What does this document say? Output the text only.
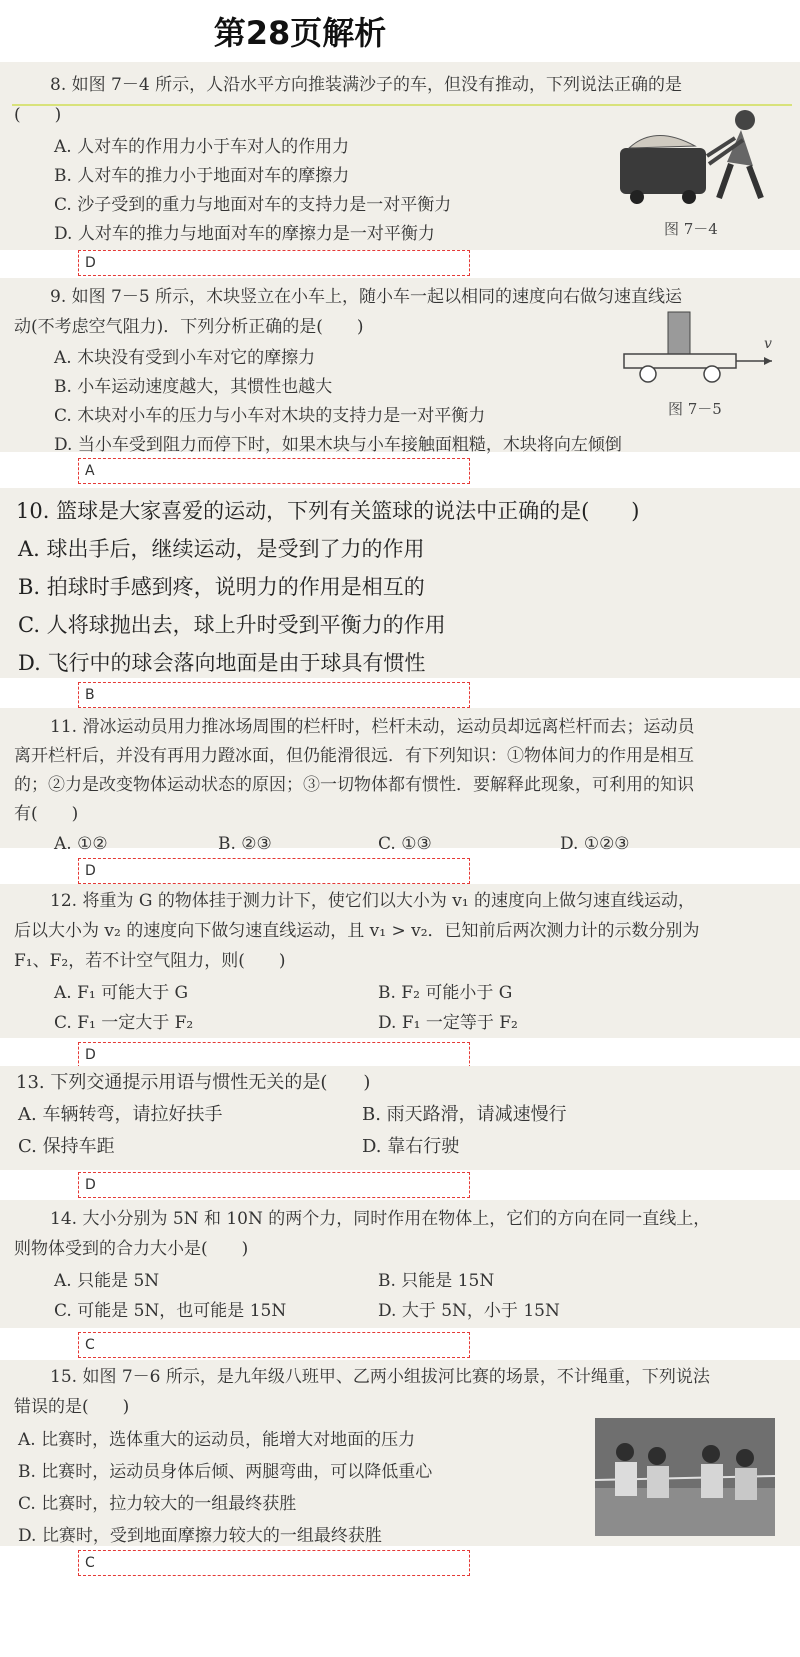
第28页解析
8. 如图 7－4 所示，人沿水平方向推装满沙子的车，但没有推动，下列说法正确的是
(　　)
A. 人对车的作用力小于车对人的作用力
B. 人对车的推力小于地面对车的摩擦力
C. 沙子受到的重力与地面对车的支持力是一对平衡力
D. 人对车的推力与地面对车的摩擦力是一对平衡力	图 7－4
D
9. 如图 7－5 所示，木块竖立在小车上，随小车一起以相同的速度向右做匀速直线运
动(不考虑空气阻力)．下列分析正确的是(　　)
A. 木块没有受到小车对它的摩擦力
B. 小车运动速度越大，其惯性也越大
C. 木块对小车的压力与小车对木块的支持力是一对平衡力
D. 当小车受到阻力而停下时，如果木块与小车接触面粗糙，木块将向左倾倒
v
图 7－5
A
10. 篮球是大家喜爱的运动，下列有关篮球的说法中正确的是(　　)
A. 球出手后，继续运动，是受到了力的作用
B. 拍球时手感到疼，说明力的作用是相互的
C. 人将球抛出去，球上升时受到平衡力的作用
D. 飞行中的球会落向地面是由于球具有惯性
B
11. 滑冰运动员用力推冰场周围的栏杆时，栏杆未动，运动员却远离栏杆而去；运动员
离开栏杆后，并没有再用力蹬冰面，但仍能滑很远．有下列知识：①物体间力的作用是相互
的；②力是改变物体运动状态的原因；③一切物体都有惯性．要解释此现象，可利用的知识
有(　　)
A. ①②	B. ②③	C. ①③	D. ①②③
D
12. 将重为 G 的物体挂于测力计下，使它们以大小为 v₁ 的速度向上做匀速直线运动，
后以大小为 v₂ 的速度向下做匀速直线运动，且 v₁ > v₂．已知前后两次测力计的示数分别为
F₁、F₂，若不计空气阻力，则(　　)
A. F₁ 可能大于 G	B. F₂ 可能小于 G
C. F₁ 一定大于 F₂	D. F₁ 一定等于 F₂
D
13. 下列交通提示用语与惯性无关的是(　　)
A. 车辆转弯，请拉好扶手	B. 雨天路滑，请减速慢行
C. 保持车距	D. 靠右行驶
D
14. 大小分别为 5N 和 10N 的两个力，同时作用在物体上，它们的方向在同一直线上，
则物体受到的合力大小是(　　)
A. 只能是 5N	B. 只能是 15N
C. 可能是 5N，也可能是 15N	D. 大于 5N，小于 15N
C
15. 如图 7－6 所示，是九年级八班甲、乙两小组拔河比赛的场景，不计绳重，下列说法
错误的是(　　)
A. 比赛时，选体重大的运动员，能增大对地面的压力
B. 比赛时，运动员身体后倾、两腿弯曲，可以降低重心
C. 比赛时，拉力较大的一组最终获胜
D. 比赛时，受到地面摩擦力较大的一组最终获胜
C
